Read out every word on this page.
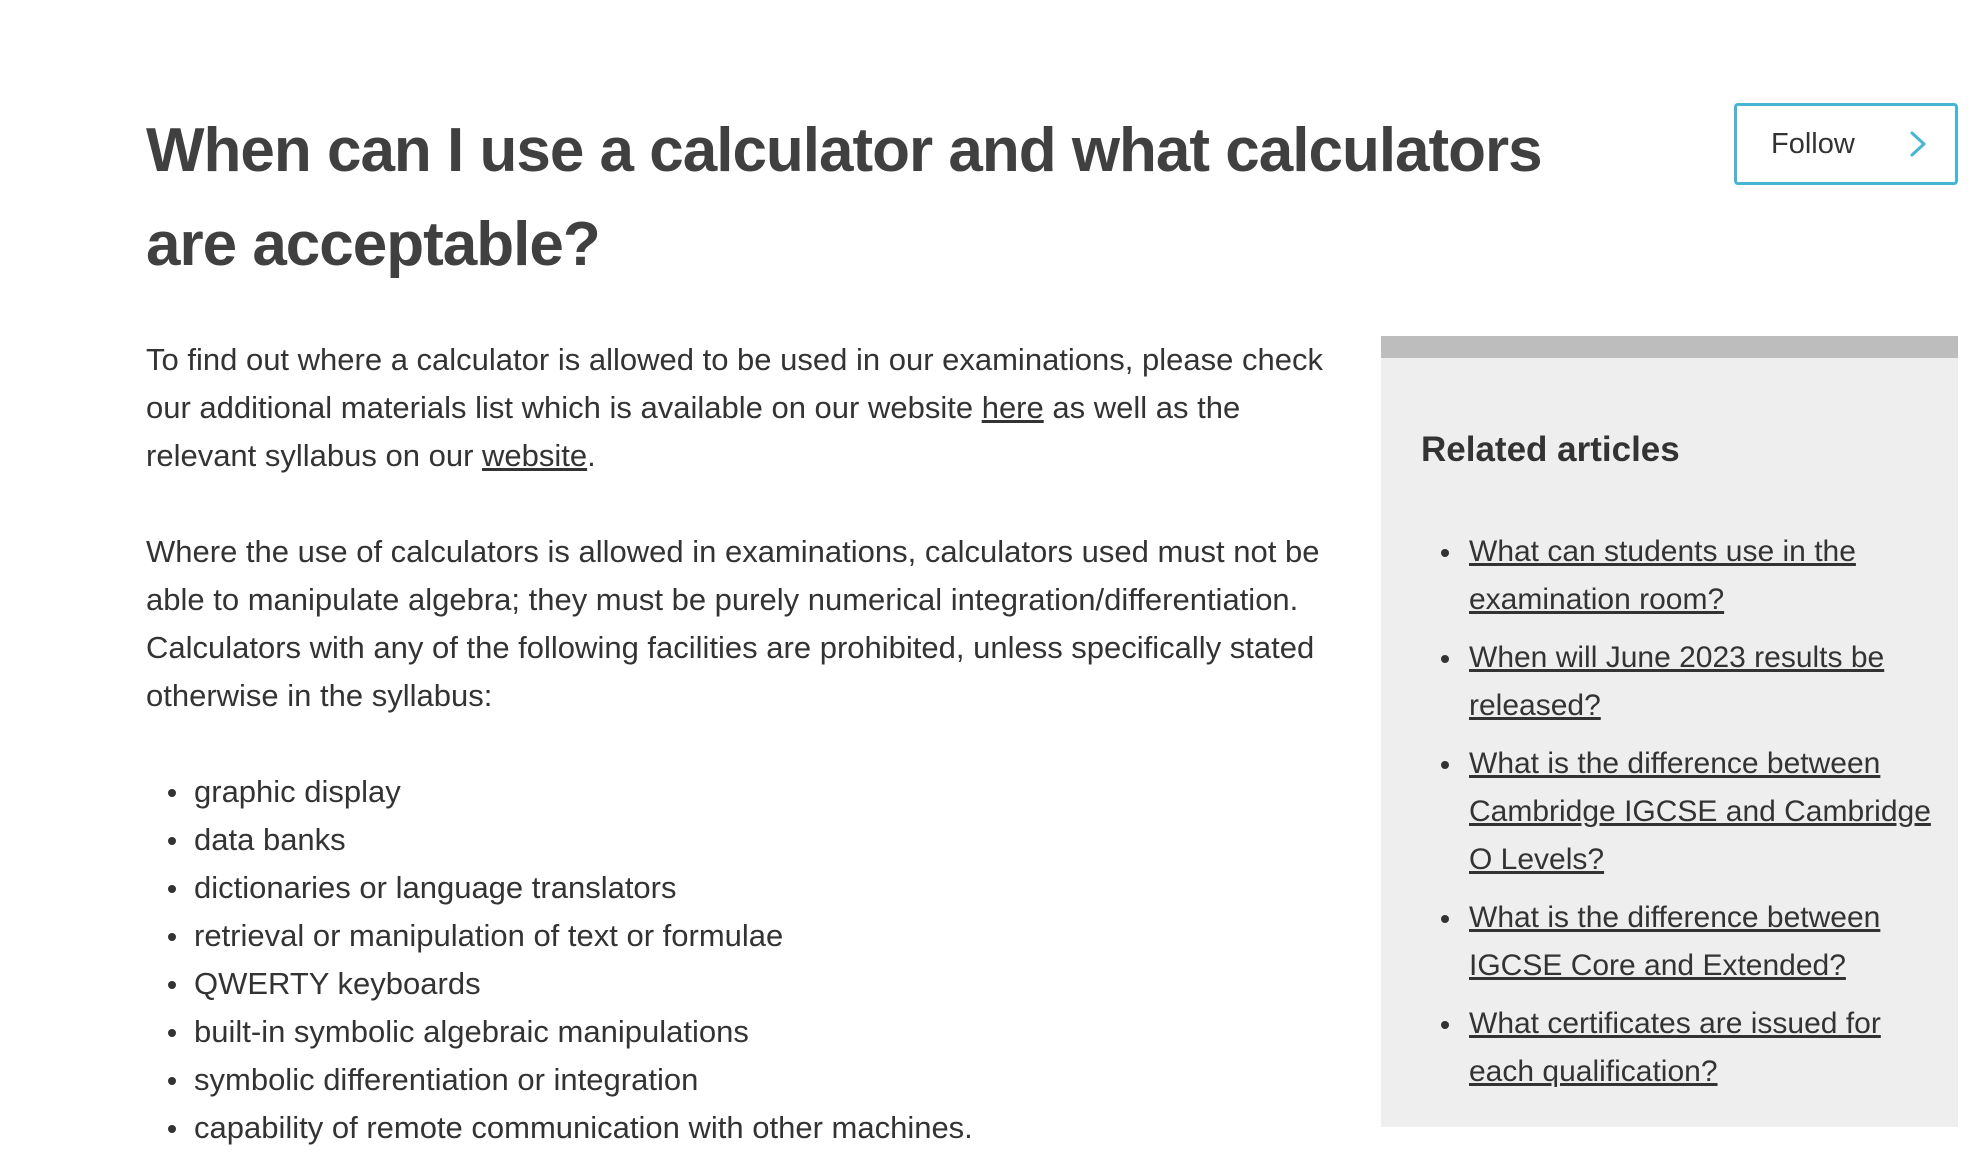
When can I use a calculator and what calculators are acceptable?
Follow

To find out where a calculator is allowed to be used in our examinations, please check our additional materials list which is available on our website here as well as the relevant syllabus on our website.

Where the use of calculators is allowed in examinations, calculators used must not be able to manipulate algebra; they must be purely numerical integration/differentiation. Calculators with any of the following facilities are prohibited, unless specifically stated otherwise in the syllabus:

graphic display
data banks
dictionaries or language translators
retrieval or manipulation of text or formulae
QWERTY keyboards
built-in symbolic algebraic manipulations
symbolic differentiation or integration
capability of remote communication with other machines.
Related articles
What can students use in the examination room?
When will June 2023 results be released?
What is the difference between Cambridge IGCSE and Cambridge O Levels?
What is the difference between IGCSE Core and Extended?
What certificates are issued for each qualification?
